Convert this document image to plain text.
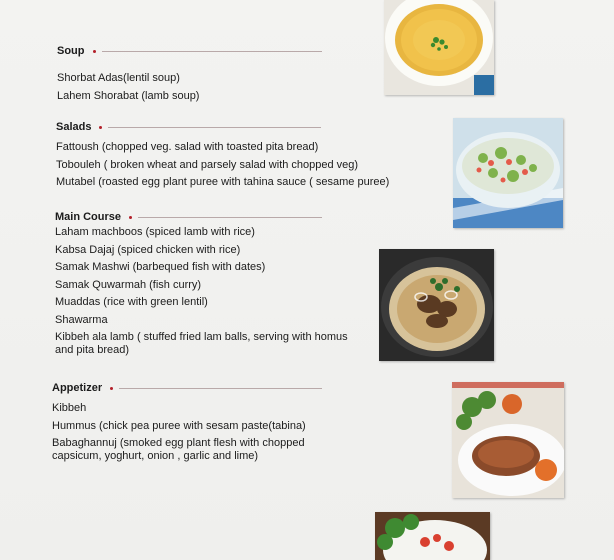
Soup
Shorbat Adas(lentil soup)
Lahem Shorabat (lamb soup)
Salads
Fattoush (chopped veg. salad with toasted pita bread)
Tobouleh ( broken wheat and parsely salad with chopped veg)
Mutabel (roasted egg plant puree with tahina sauce ( sesame puree)
Main Course
Laham machboos (spiced lamb with rice)
Kabsa Dajaj (spiced chicken with rice)
Samak Mashwi (barbequed fish with dates)
Samak Quwarmah (fish curry)
Muaddas (rice with green lentil)
Shawarma
Kibbeh ala lamb ( stuffed fried lam balls, serving with homus and pita bread)
Appetizer
Kibbeh
Hummus (chick pea puree with sesam paste(tabina)
Babaghannuj (smoked egg plant flesh with chopped capsicum, yoghurt, onion , garlic and lime)
